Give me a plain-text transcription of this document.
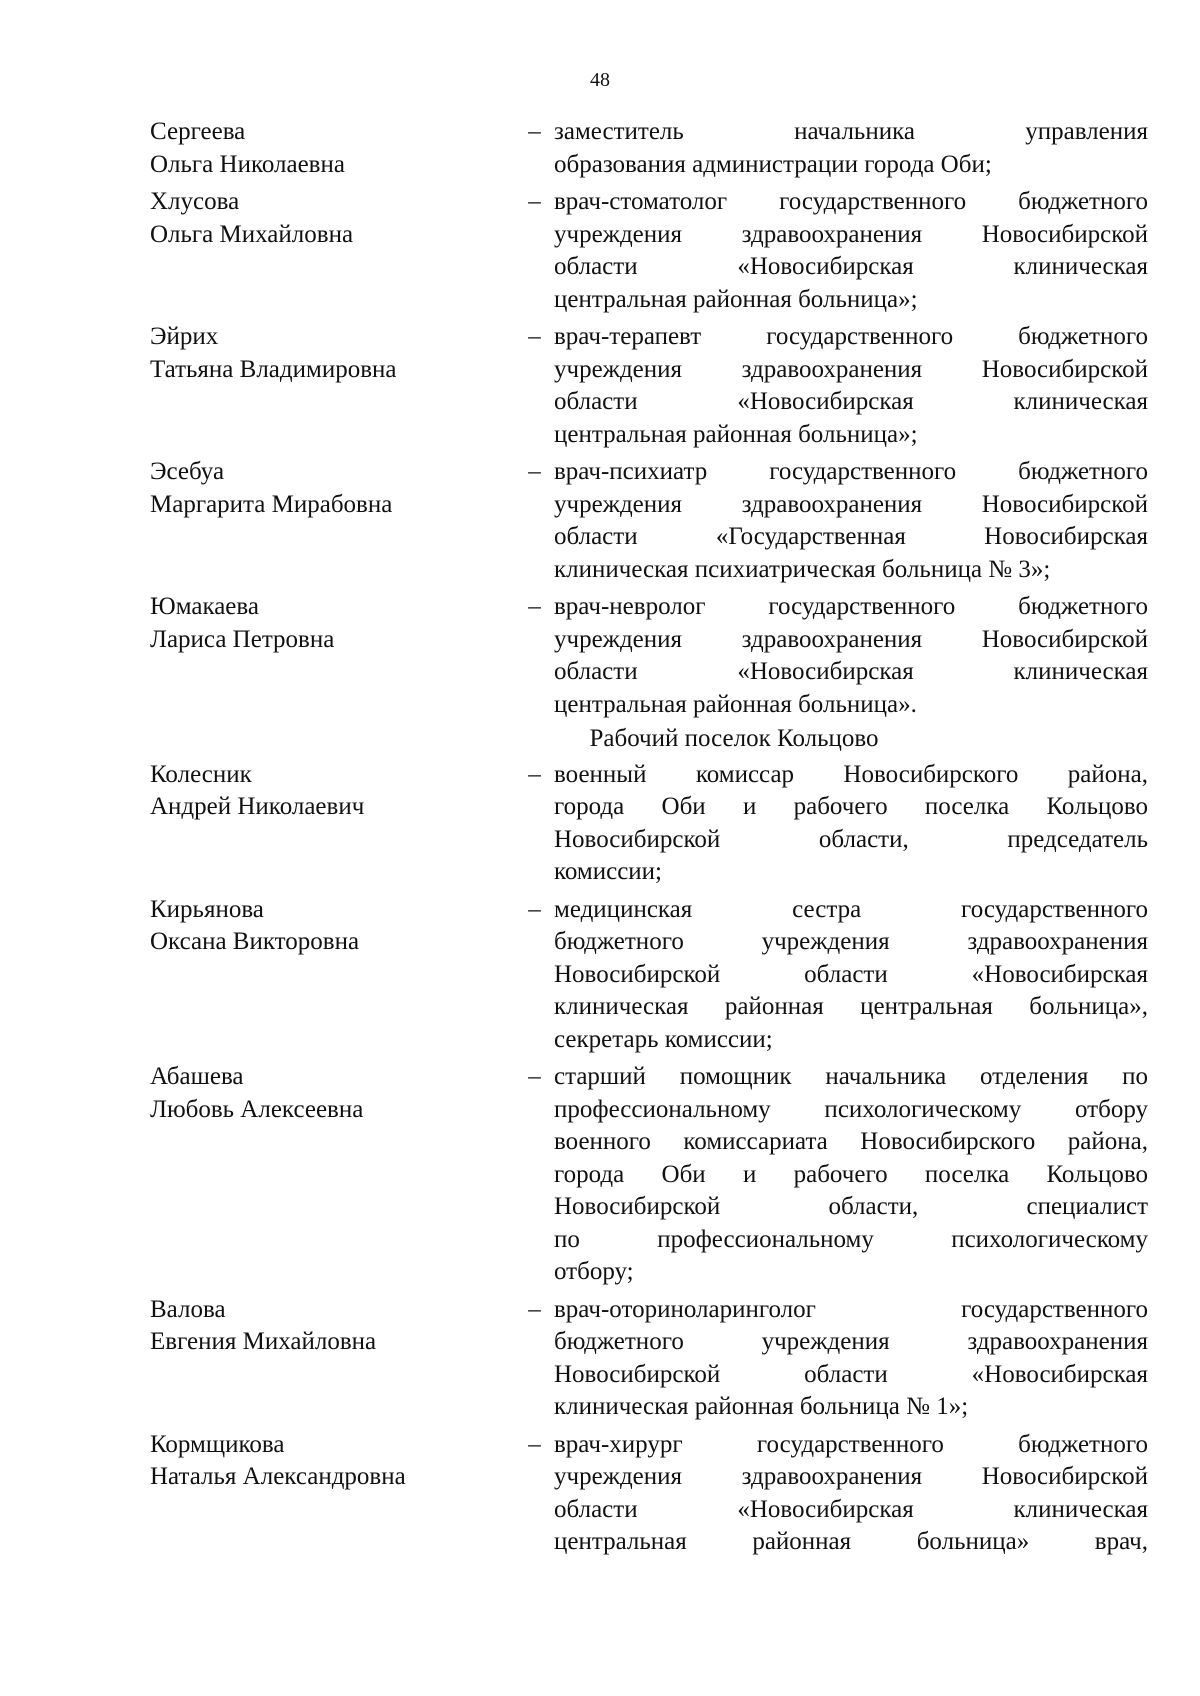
48
Сергеева
Ольга Николаевна
– заместитель начальника управления
образования администрации города Оби;
Хлусова
Ольга Михайловна
– врач-стоматолог государственного бюджетного
учреждения здравоохранения Новосибирской
области «Новосибирская клиническая
центральная районная больница»;
Эйрих
Татьяна Владимировна
– врач-терапевт государственного бюджетного
учреждения здравоохранения Новосибирской
области «Новосибирская клиническая
центральная районная больница»;
Эсебуа
Маргарита Мирабовна
– врач-психиатр государственного бюджетного
учреждения здравоохранения Новосибирской
области «Государственная Новосибирская
клиническая психиатрическая больница № 3»;
Юмакаева
Лариса Петровна
– врач-невролог государственного бюджетного
учреждения здравоохранения Новосибирской
области «Новосибирская клиническая
центральная районная больница».
Рабочий поселок Кольцово
Колесник
Андрей Николаевич
– военный комиссар Новосибирского района,
города Оби и рабочего поселка Кольцово
Новосибирской области, председатель
комиссии;
Кирьянова
Оксана Викторовна
– медицинская сестра государственного
бюджетного учреждения здравоохранения
Новосибирской области «Новосибирская
клиническая районная центральная больница»,
секретарь комиссии;
Абашева
Любовь Алексеевна
– старший помощник начальника отделения по
профессиональному психологическому отбору
военного комиссариата Новосибирского района,
города Оби и рабочего поселка Кольцово
Новосибирской области, специалист
по профессиональному психологическому
отбору;
Валова
Евгения Михайловна
– врач-оториноларинголог государственного
бюджетного учреждения здравоохранения
Новосибирской области «Новосибирская
клиническая районная больница № 1»;
Кормщикова
Наталья Александровна
– врач-хирург государственного бюджетного
учреждения здравоохранения Новосибирской
области «Новосибирская клиническая
центральная районная больница» врач,
